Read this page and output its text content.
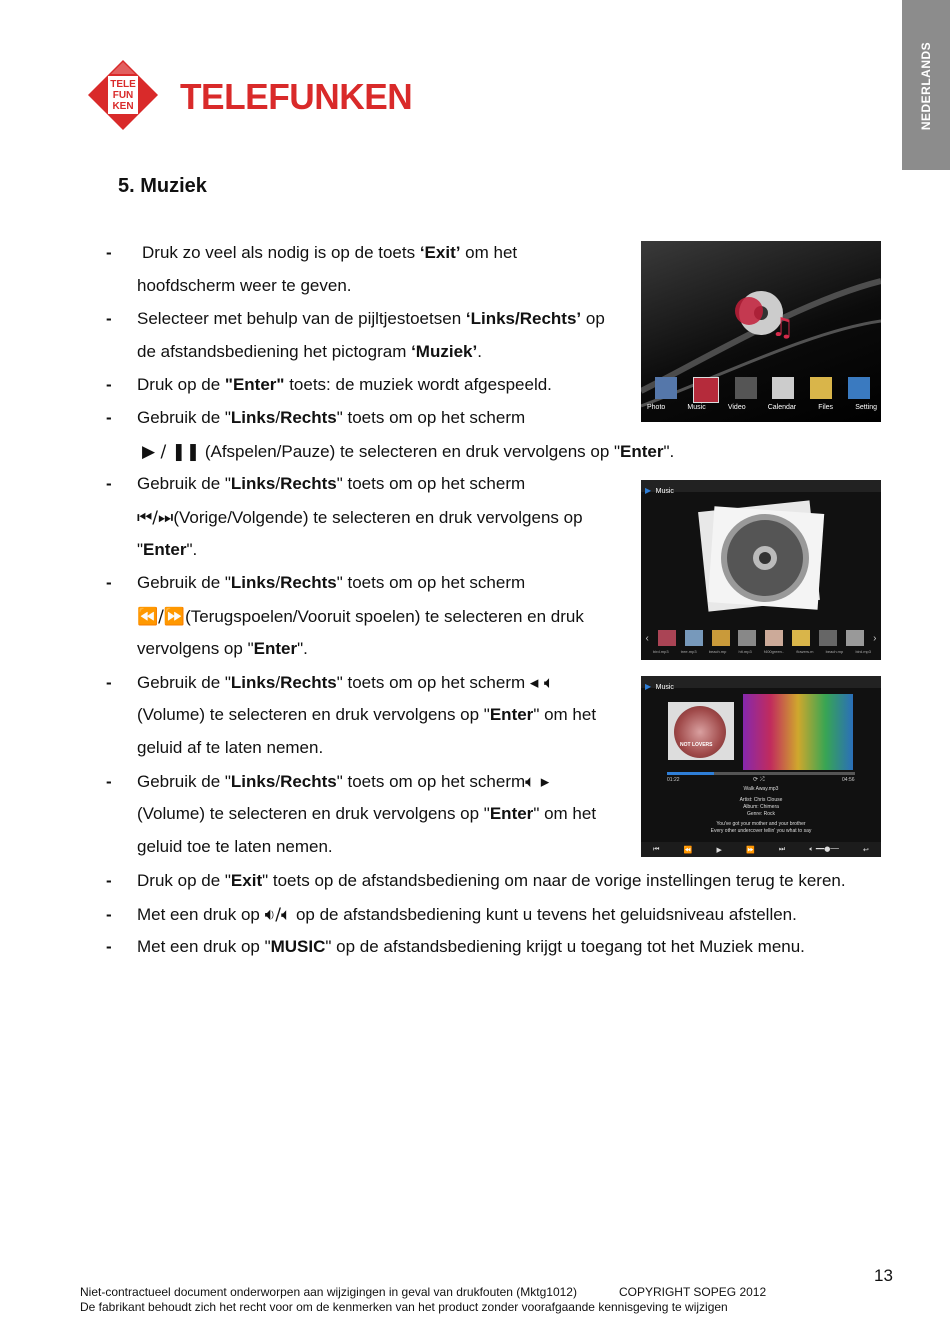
NEDERLANDS
TELE
FUN
KEN TELEFUNKEN
5. Muziek
-
-
-
-
-
-
-
-
-
-
-
Druk zo veel als nodig is op de toets ‘Exit’ om het
hoofdscherm weer te geven.
Selecteer met behulp van de pijltjestoetsen ‘Links/Rechts’ op
de afstandsbediening het pictogram ‘Muziek’.
Druk op de "Enter" toets: de muziek wordt afgespeeld.
Gebruik de "Links/Rechts" toets om op het scherm
▶ / ❚❚ (Afspelen/Pauze) te selecteren en druk vervolgens op "Enter".
Gebruik de "Links/Rechts" toets om op het scherm
⏮/⏭(Vorige/Volgende) te selecteren en druk vervolgens op
"Enter".
Gebruik de "Links/Rechts" toets om op het scherm
⏪/⏩(Terugspoelen/Vooruit spoelen) te selecteren en druk
vervolgens op "Enter".
Gebruik de "Links/Rechts" toets om op het scherm ◂ 🔈︎
(Volume) te selecteren en druk vervolgens op "Enter" om het
geluid af te laten nemen.
Gebruik de "Links/Rechts" toets om op het scherm🔈︎ ▸
(Volume) te selecteren en druk vervolgens op "Enter" om het
geluid toe te laten nemen.
Druk op de "Exit" toets op de afstandsbediening om naar de vorige instellingen terug te keren.
Met een druk op 🔉︎/🔈︎ op de afstandsbediening kunt u tevens het geluidsniveau afstellen.
Met een druk op "MUSIC" op de afstandsbediening krijgt u toegang tot het Muziek menu.
♫
Photo	Music	Video	Calendar	Files	Setting
▶ Music
‹	›
bird.mp3	tree.mp3	beach.mp	hit.mp3	f400green..	flowers.m	beach.mp	bird.mp3
▶ Music
NOT LOVERS
01:22	⟳ ⤮	04:56
Walk Away.mp3
Artist: Chris Clouse
Album: Chimera
Genre: Rock
You've got your mother and your brother
Every other undercover tellin' you what to say
⏮	⏪	▶	⏩	⏭	🔈︎ ━━●──	↩
13
Niet-contractueel document onderworpen aan wijzigingen in geval van drukfouten (Mktg1012)	COPYRIGHT SOPEG 2012
De fabrikant behoudt zich het recht voor om de kenmerken van het product zonder voorafgaande kennisgeving te wijzigen
